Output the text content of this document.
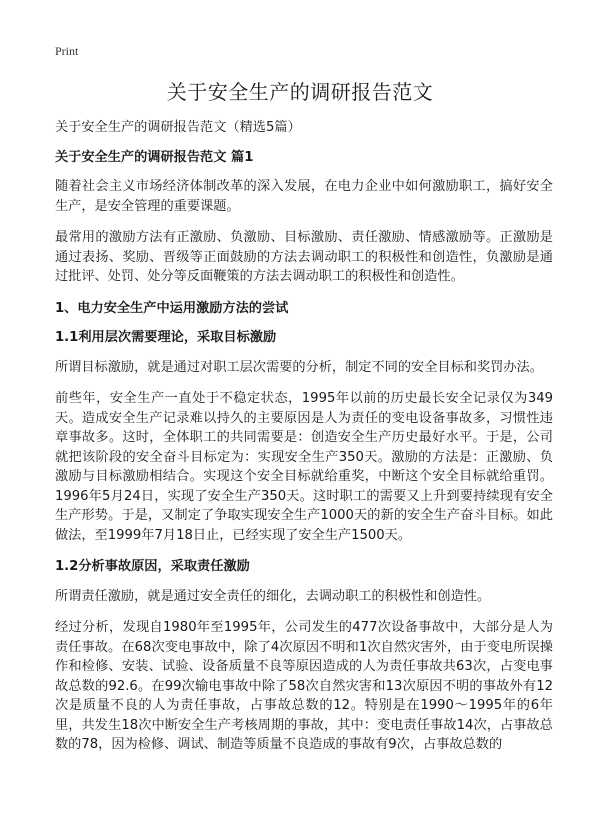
Print
关于安全生产的调研报告范文

关于安全生产的调研报告范文（精选5篇）

关于安全生产的调研报告范文 篇1

随着社会主义市场经济体制改革的深入发展，在电力企业中如何激励职工，搞好安全生产，是安全管理的重要课题。

最常用的激励方法有正激励、负激励、目标激励、责任激励、情感激励等。正激励是通过表扬、奖励、晋级等正面鼓励的方法去调动职工的积极性和创造性，负激励是通过批评、处罚、处分等反面鞭策的方法去调动职工的积极性和创造性。

1、电力安全生产中运用激励方法的尝试

1.1利用层次需要理论，采取目标激励

所谓目标激励，就是通过对职工层次需要的分析，制定不同的安全目标和奖罚办法。

前些年，安全生产一直处于不稳定状态，1995年以前的历史最长安全记录仅为349天。造成安全生产记录难以持久的主要原因是人为责任的变电设备事故多，习惯性违章事故多。这时，全体职工的共同需要是：创造安全生产历史最好水平。于是，公司就把该阶段的安全奋斗目标定为：实现安全生产350天。激励的方法是：正激励、负激励与目标激励相结合。实现这个安全目标就给重奖，中断这个安全目标就给重罚。1996年5月24日，实现了安全生产350天。这时职工的需要又上升到要持续现有安全生产形势。于是，又制定了争取实现安全生产1000天的新的安全生产奋斗目标。如此做法，至1999年7月18日止，已经实现了安全生产1500天。

1.2分析事故原因，采取责任激励

所谓责任激励，就是通过安全责任的细化，去调动职工的积极性和创造性。

经过分析，发现自1980年至1995年，公司发生的477次设备事故中，大部分是人为责任事故。在68次变电事故中，除了4次原因不明和1次自然灾害外，由于变电所误操作和检修、安装、试验、设备质量不良等原因造成的人为责任事故共63次，占变电事故总数的92.6。在99次输电事故中除了58次自然灾害和13次原因不明的事故外有12次是质量不良的人为责任事故，占事故总数的12。特别是在1990～1995年的6年里，共发生18次中断安全生产考核周期的事故，其中：变电责任事故14次，占事故总数的78，因为检修、调试、制造等质量不良造成的事故有9次，占事故总数的
